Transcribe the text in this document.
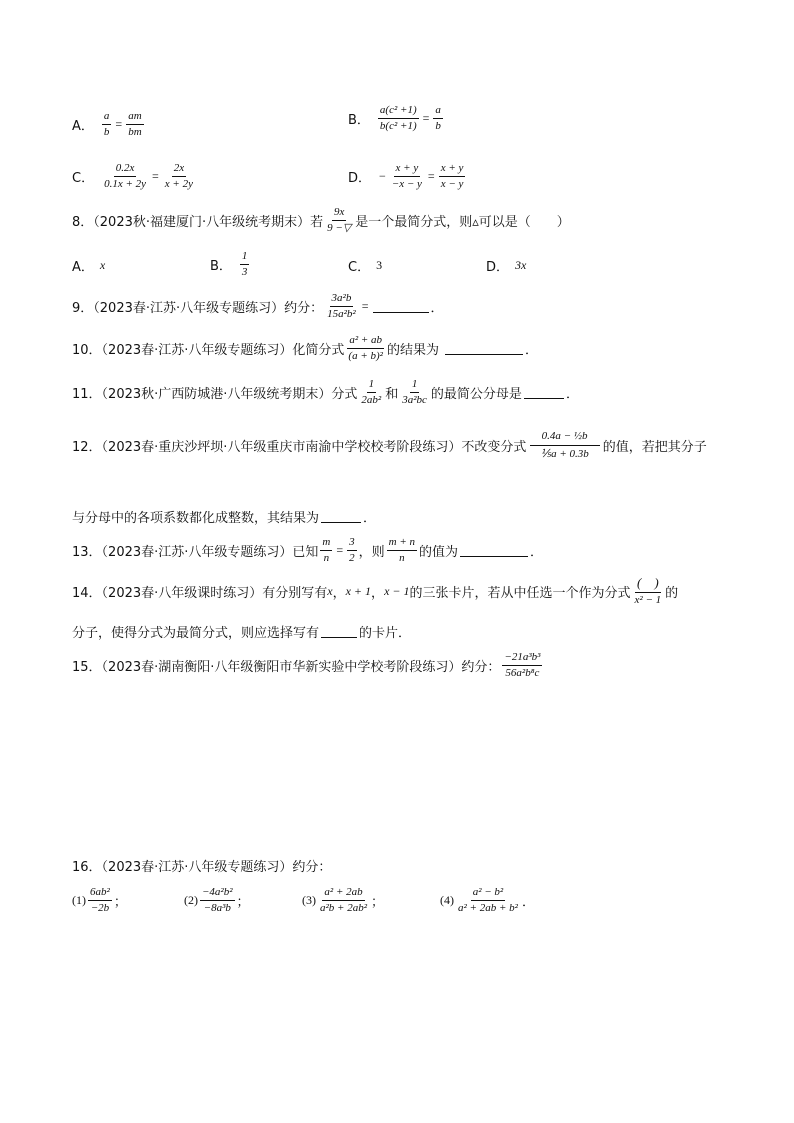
A． $\frac{a}{b} = \frac{am}{bm}$	B． $\frac{\text{a(c² +1)}}{\text{b(c² +1)}} = \frac{a}{b}$
C． $\frac{0.2x}{0.1x + 2y} = \frac{2x}{x + 2y}$	D． − $\frac{x + y}{-x - y} = \frac{x + y}{x - y}$
8．（2023秋·福建厦门·八年级统考期末）若 $\frac{9x}{9 -▽}$ 是一个最简分式，则▵可以是（　　）
A． x	B． $\frac{1}{3}$	C． 3	D． 3x
9．（2023春·江苏·八年级专题练习）约分： $\frac{\text{3a²b}}{\text{15a²b²}}$ =	．
10．（2023春·江苏·八年级专题练习）化简分式 $\frac{\text{a² + ab}}{\text{(a + b)²}}$ 的结果为	．
11．（2023秋·广西防城港·八年级统考期末）分式 $\frac{1}{\text{2ab²}}$ 和 $\frac{1}{\text{3a²bc}}$ 的最简公分母是	．
12．（2023春·重庆沙坪坝·八年级重庆市南渝中学校校考阶段练习）不改变分式 $\frac{\text{0.4a − ½b}}{\text{⅕a + 0.3b}}$ 的值，若把其分子
与分母中的各项系数都化成整数，其结果为	．
13．（2023春·江苏·八年级专题练习）已知 $\frac{m}{n} = \frac{3}{2}$ ，则 $\frac{m + n}{n}$ 的值为	．
14．（2023春·八年级课时练习）有分别写有 x ， x + 1 ， x − 1 的三张卡片，若从中任选一个作为分式 $\frac{( )}{\text{x² − 1}}$ 的
分子，使得分式为最简分式，则应选择写有	的卡片．
15．（2023春·湖南衡阳·八年级衡阳市华新实验中学校考阶段练习）约分： $\frac{\text{−21a³b³}}{\text{56a²b⁸c}}$
16．（2023春·江苏·八年级专题练习）约分：
$(1) \frac{\text{6ab²}}{-2b}$ ；	$(2) \frac{\text{−4a²b²}}{\text{−8a³b}}$ ；	$(3) \frac{\text{a² + 2ab}}{\text{a²b + 2ab²}}$ ；	$(4) \frac{\text{a² − b²}}{\text{a² + 2ab + b²}}$ ．
